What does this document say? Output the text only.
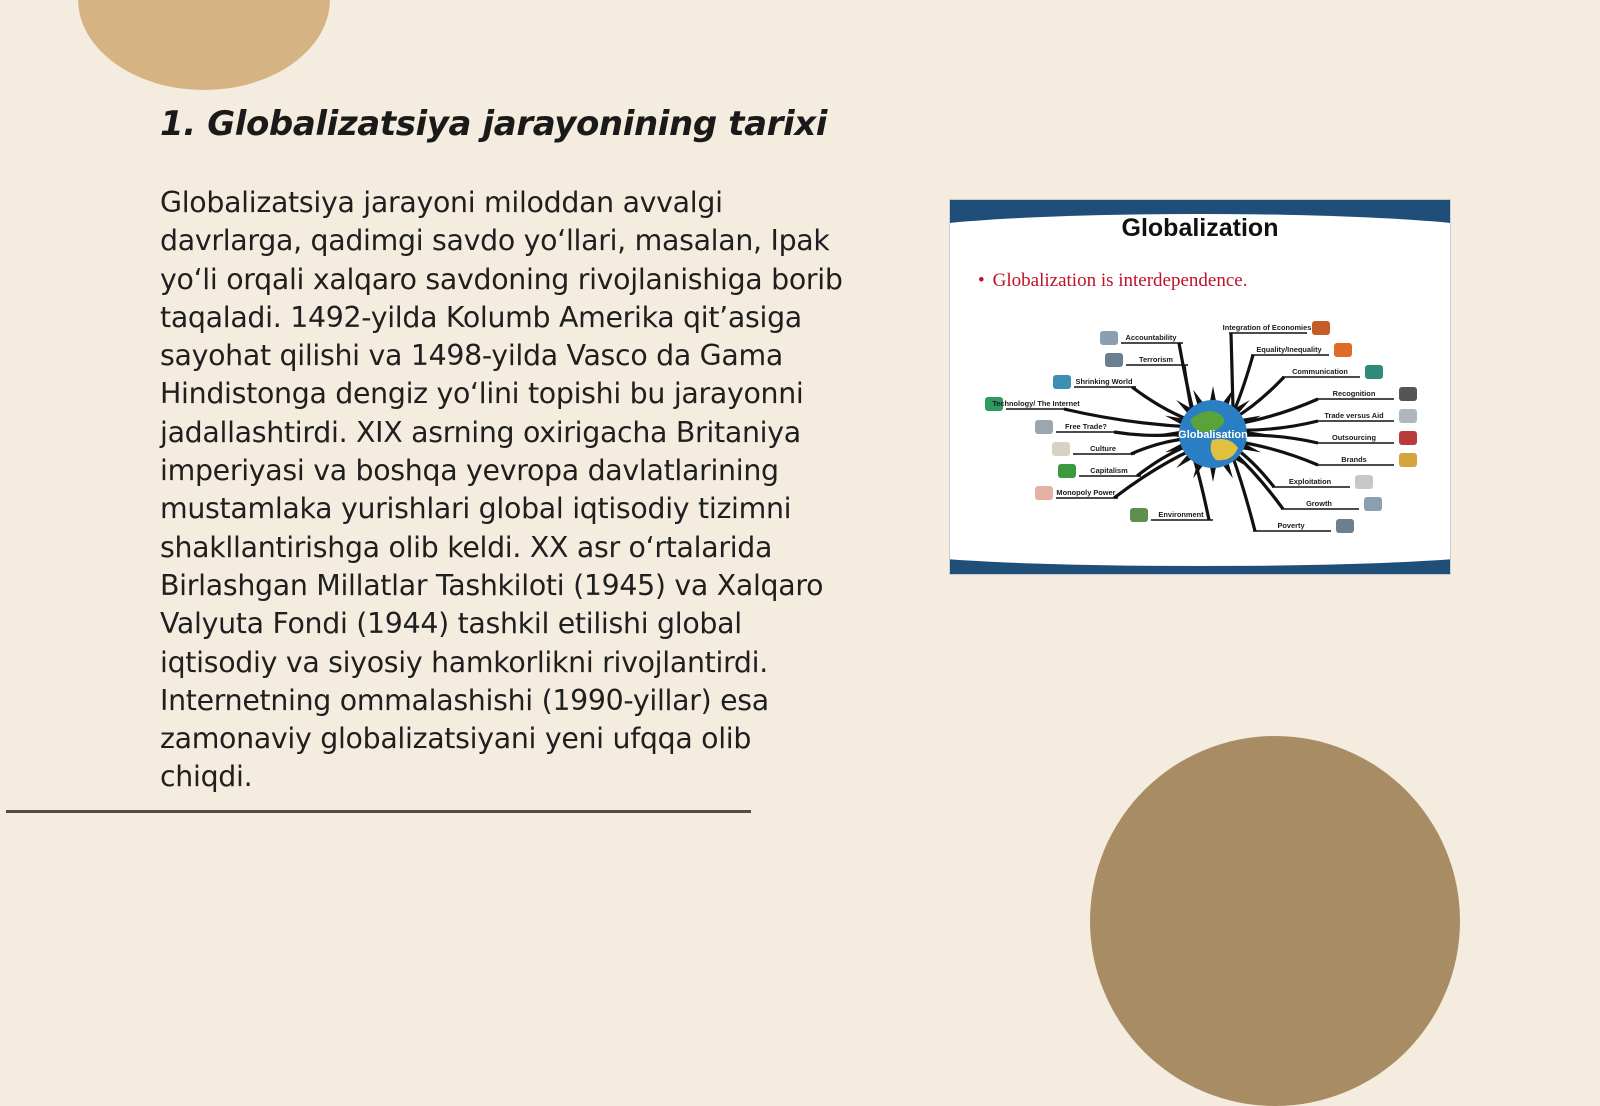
1. Globalizatsiya jarayonining tarixi

Globalizatsiya jarayoni miloddan avvalgi davrlarga, qadimgi savdo yo‘llari, masalan, Ipak yo‘li orqali xalqaro savdoning rivojlanishiga borib taqaladi. 1492-yilda Kolumb Amerika qit’asiga sayohat qilishi va 1498-yilda Vasco da Gama Hindistonga dengiz yo‘lini topishi bu jarayonni jadallashtirdi. XIX asrning oxirigacha Britaniya imperiyasi va boshqa yevropa davlatlarining mustamlaka yurishlari global iqtisodiy tizimni shakllantirishga olib keldi. XX asr o‘rtalarida Birlashgan Millatlar Tashkiloti (1945) va Xalqaro Valyuta Fondi (1944) tashkil etilishi global iqtisodiy va siyosiy hamkorlikni rivojlantirdi. Internetning ommalashishi (1990-yillar) esa zamonaviy globalizatsiyani yeni ufqqa olib chiqdi.

Globalization
• Globalization is interdependence.
Globalisation
Accountability
Terrorism
Shrinking World
Technology/ The Internet
Free Trade?
Culture
Capitalism
Monopoly Power
Environment
Integration of Economies
Equality/Inequality
Communication
Recognition
Trade versus Aid
Outsourcing
Brands
Exploitation
Growth
Poverty
